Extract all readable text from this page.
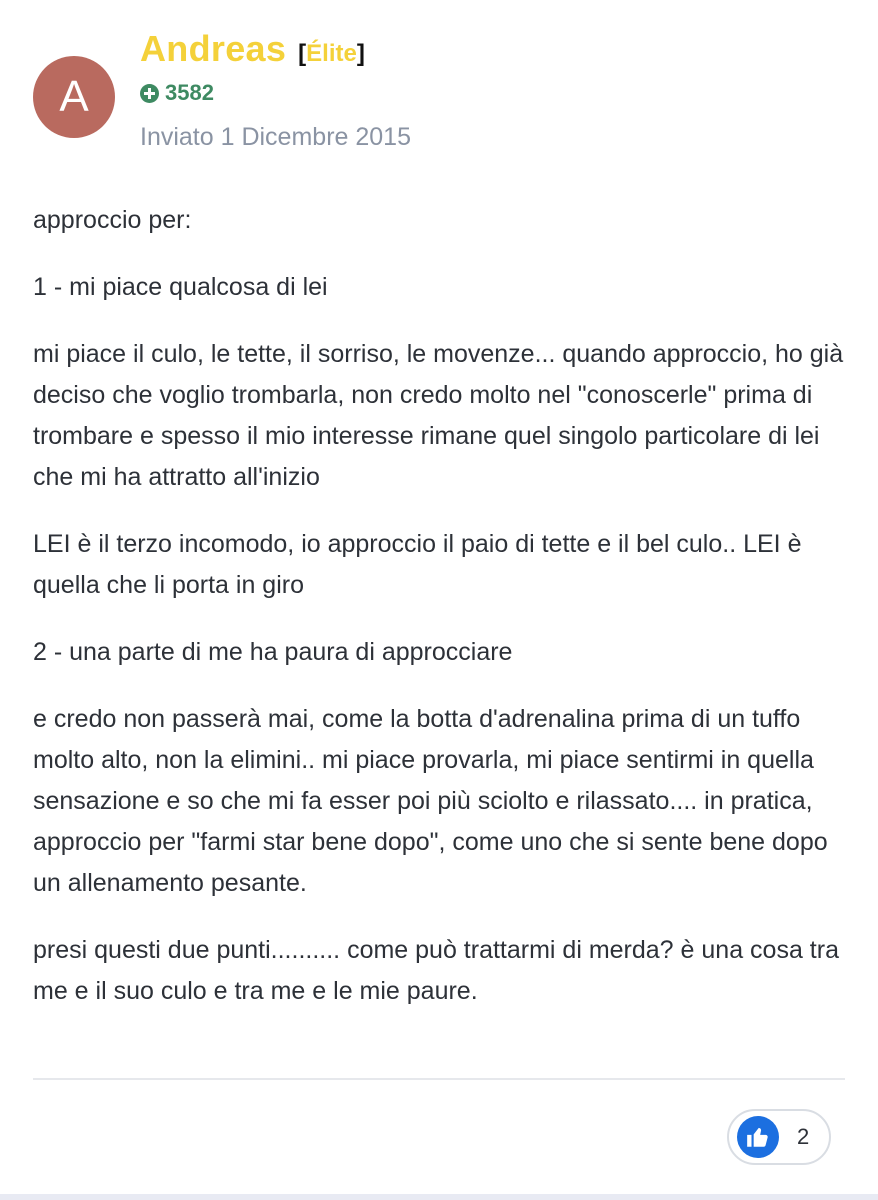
A
Andreas [Élite]
3582
Inviato 1 Dicembre 2015

approccio per:

1 - mi piace qualcosa di lei

mi piace il culo, le tette, il sorriso, le movenze... quando approccio, ho già deciso che voglio trombarla, non credo molto nel "conoscerle" prima di trombare e spesso il mio interesse rimane quel singolo particolare di lei che mi ha attratto all'inizio

LEI è il terzo incomodo, io approccio il paio di tette e il bel culo.. LEI è quella che li porta in giro

2 - una parte di me ha paura di approcciare

e credo non passerà mai, come la botta d'adrenalina prima di un tuffo molto alto, non la elimini.. mi piace provarla, mi piace sentirmi in quella sensazione e so che mi fa esser poi più sciolto e rilassato.... in pratica, approccio per "farmi star bene dopo", come uno che si sente bene dopo un allenamento pesante.

presi questi due punti.......... come può trattarmi di merda? è una cosa tra me e il suo culo e tra me e le mie paure.

2
